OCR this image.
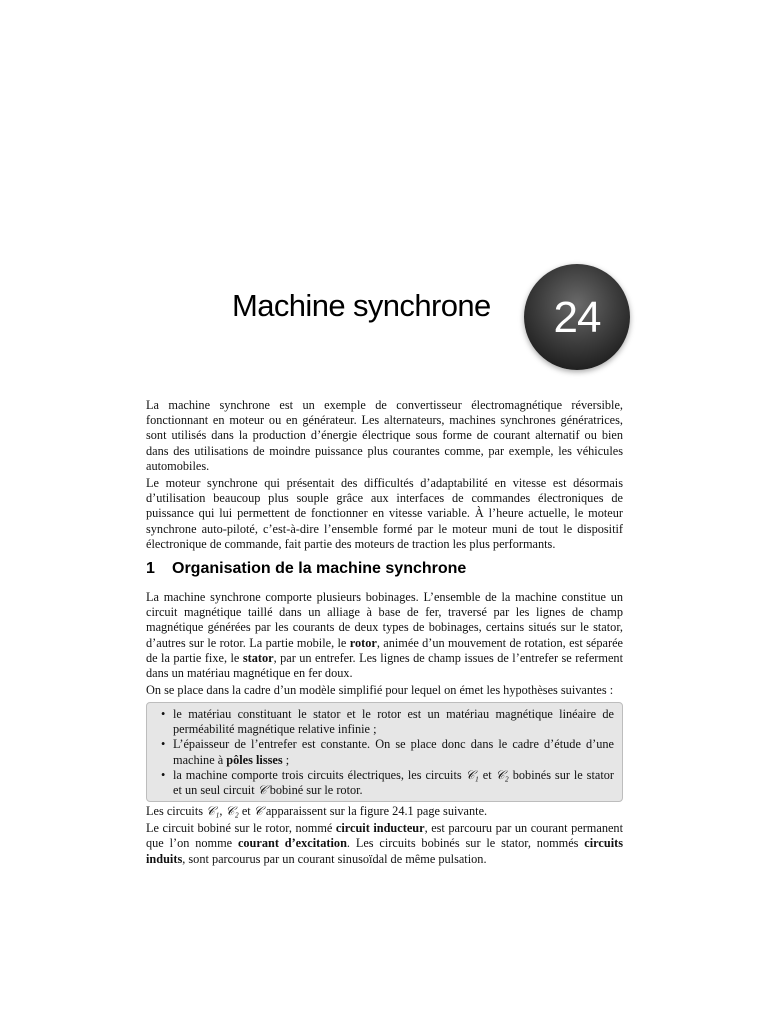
Machine synchrone 24

La machine synchrone est un exemple de convertisseur électromagnétique réversible, fonctionnant en moteur ou en générateur. Les alternateurs, machines synchrones génératrices, sont utilisés dans la production d’énergie électrique sous forme de courant alternatif ou bien dans des utilisations de moindre puissance plus courantes comme, par exemple, les véhicules automobiles.

Le moteur synchrone qui présentait des difficultés d’adaptabilité en vitesse est désormais d’utilisation beaucoup plus souple grâce aux interfaces de commandes électroniques de puissance qui lui permettent de fonctionner en vitesse variable. À l’heure actuelle, le moteur synchrone auto-piloté, c’est-à-dire l’ensemble formé par le moteur muni de tout le dispositif électronique de commande, fait partie des moteurs de traction les plus performants.

1 Organisation de la machine synchrone

La machine synchrone comporte plusieurs bobinages. L’ensemble de la machine constitue un circuit magnétique taillé dans un alliage à base de fer, traversé par les lignes de champ magnétique générées par les courants de deux types de bobinages, certains situés sur le stator, d’autres sur le rotor. La partie mobile, le rotor, animée d’un mouvement de rotation, est séparée de la partie fixe, le stator, par un entrefer. Les lignes de champ issues de l’entrefer se referment dans un matériau magnétique en fer doux.

On se place dans la cadre d’un modèle simplifié pour lequel on émet les hypothèses suivantes :

• le matériau constituant le stator et le rotor est un matériau magnétique linéaire de perméabilité magnétique relative infinie ;
• L’épaisseur de l’entrefer est constante. On se place donc dans le cadre d’étude d’une machine à pôles lisses ;
• la machine comporte trois circuits électriques, les circuits 𝒞₁ et 𝒞₂ bobinés sur le stator et un seul circuit 𝒞 bobiné sur le rotor.

Les circuits 𝒞₁, 𝒞₂ et 𝒞 apparaissent sur la figure 24.1 page suivante.

Le circuit bobiné sur le rotor, nommé circuit inducteur, est parcouru par un courant permanent que l’on nomme courant d’excitation. Les circuits bobinés sur le stator, nommés circuits induits, sont parcourus par un courant sinusoïdal de même pulsation.
